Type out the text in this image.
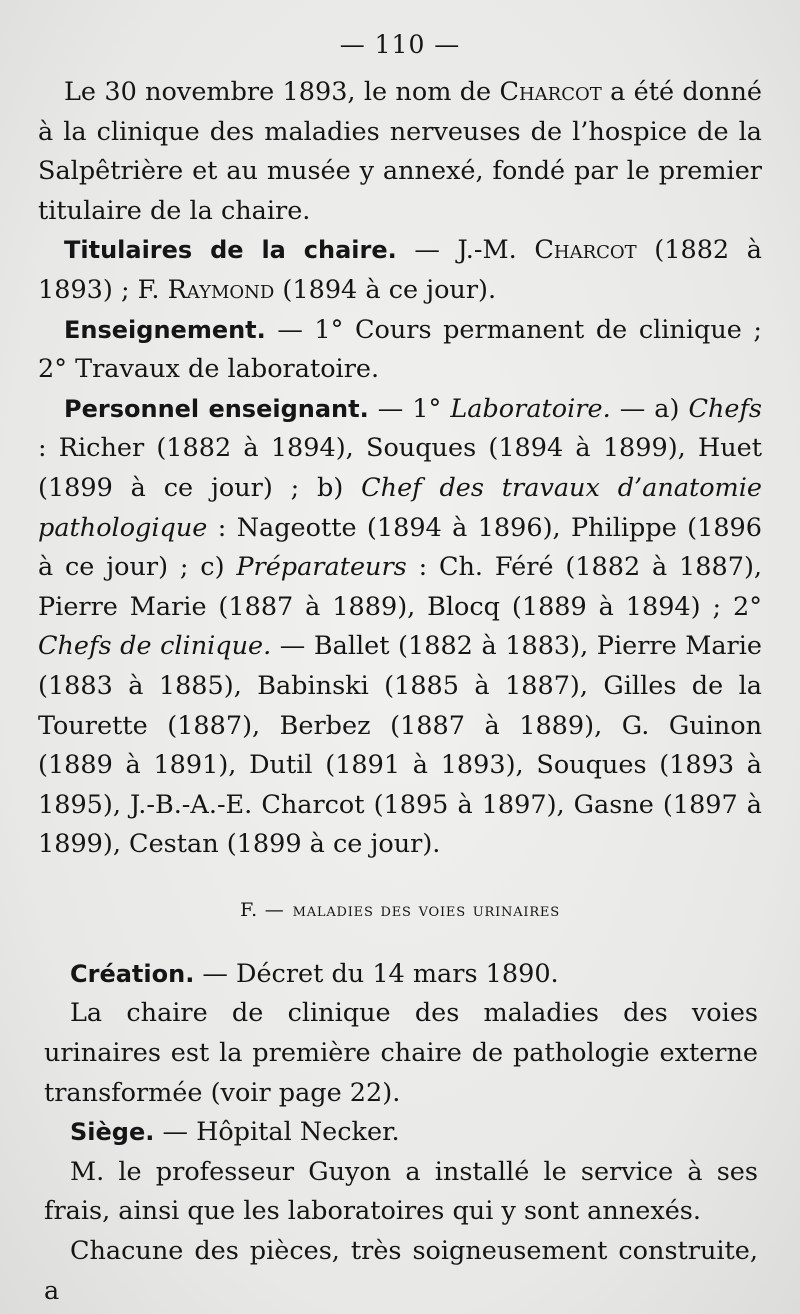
— 110 —

Le 30 novembre 1893, le nom de Charcot a été donné à la clinique des maladies nerveuses de l’hospice de la Salpêtrière et au musée y annexé, fondé par le premier titulaire de la chaire.

Titulaires de la chaire. — J.-M. Charcot (1882 à 1893) ; F. Raymond (1894 à ce jour).

Enseignement. — 1° Cours permanent de clinique ; 2° Travaux de laboratoire.

Personnel enseignant. — 1° Laboratoire. — a) Chefs : Richer (1882 à 1894), Souques (1894 à 1899), Huet (1899 à ce jour) ; b) Chef des travaux d’anatomie pathologique : Nageotte (1894 à 1896), Philippe (1896 à ce jour) ; c) Préparateurs : Ch. Féré (1882 à 1887), Pierre Marie (1887 à 1889), Blocq (1889 à 1894) ; 2° Chefs de clinique. — Ballet (1882 à 1883), Pierre Marie (1883 à 1885), Babinski (1885 à 1887), Gilles de la Tourette (1887), Berbez (1887 à 1889), G. Guinon (1889 à 1891), Dutil (1891 à 1893), Souques (1893 à 1895), J.-B.-A.-E. Charcot (1895 à 1897), Gasne (1897 à 1899), Cestan (1899 à ce jour).

F. — maladies des voies urinaires

Création. — Décret du 14 mars 1890.

La chaire de clinique des maladies des voies urinaires est la première chaire de pathologie externe transformée (voir page 22).

Siège. — Hôpital Necker.

M. le professeur Guyon a installé le service à ses frais, ainsi que les laboratoires qui y sont annexés.

Chacune des pièces, très soigneusement construite, a
